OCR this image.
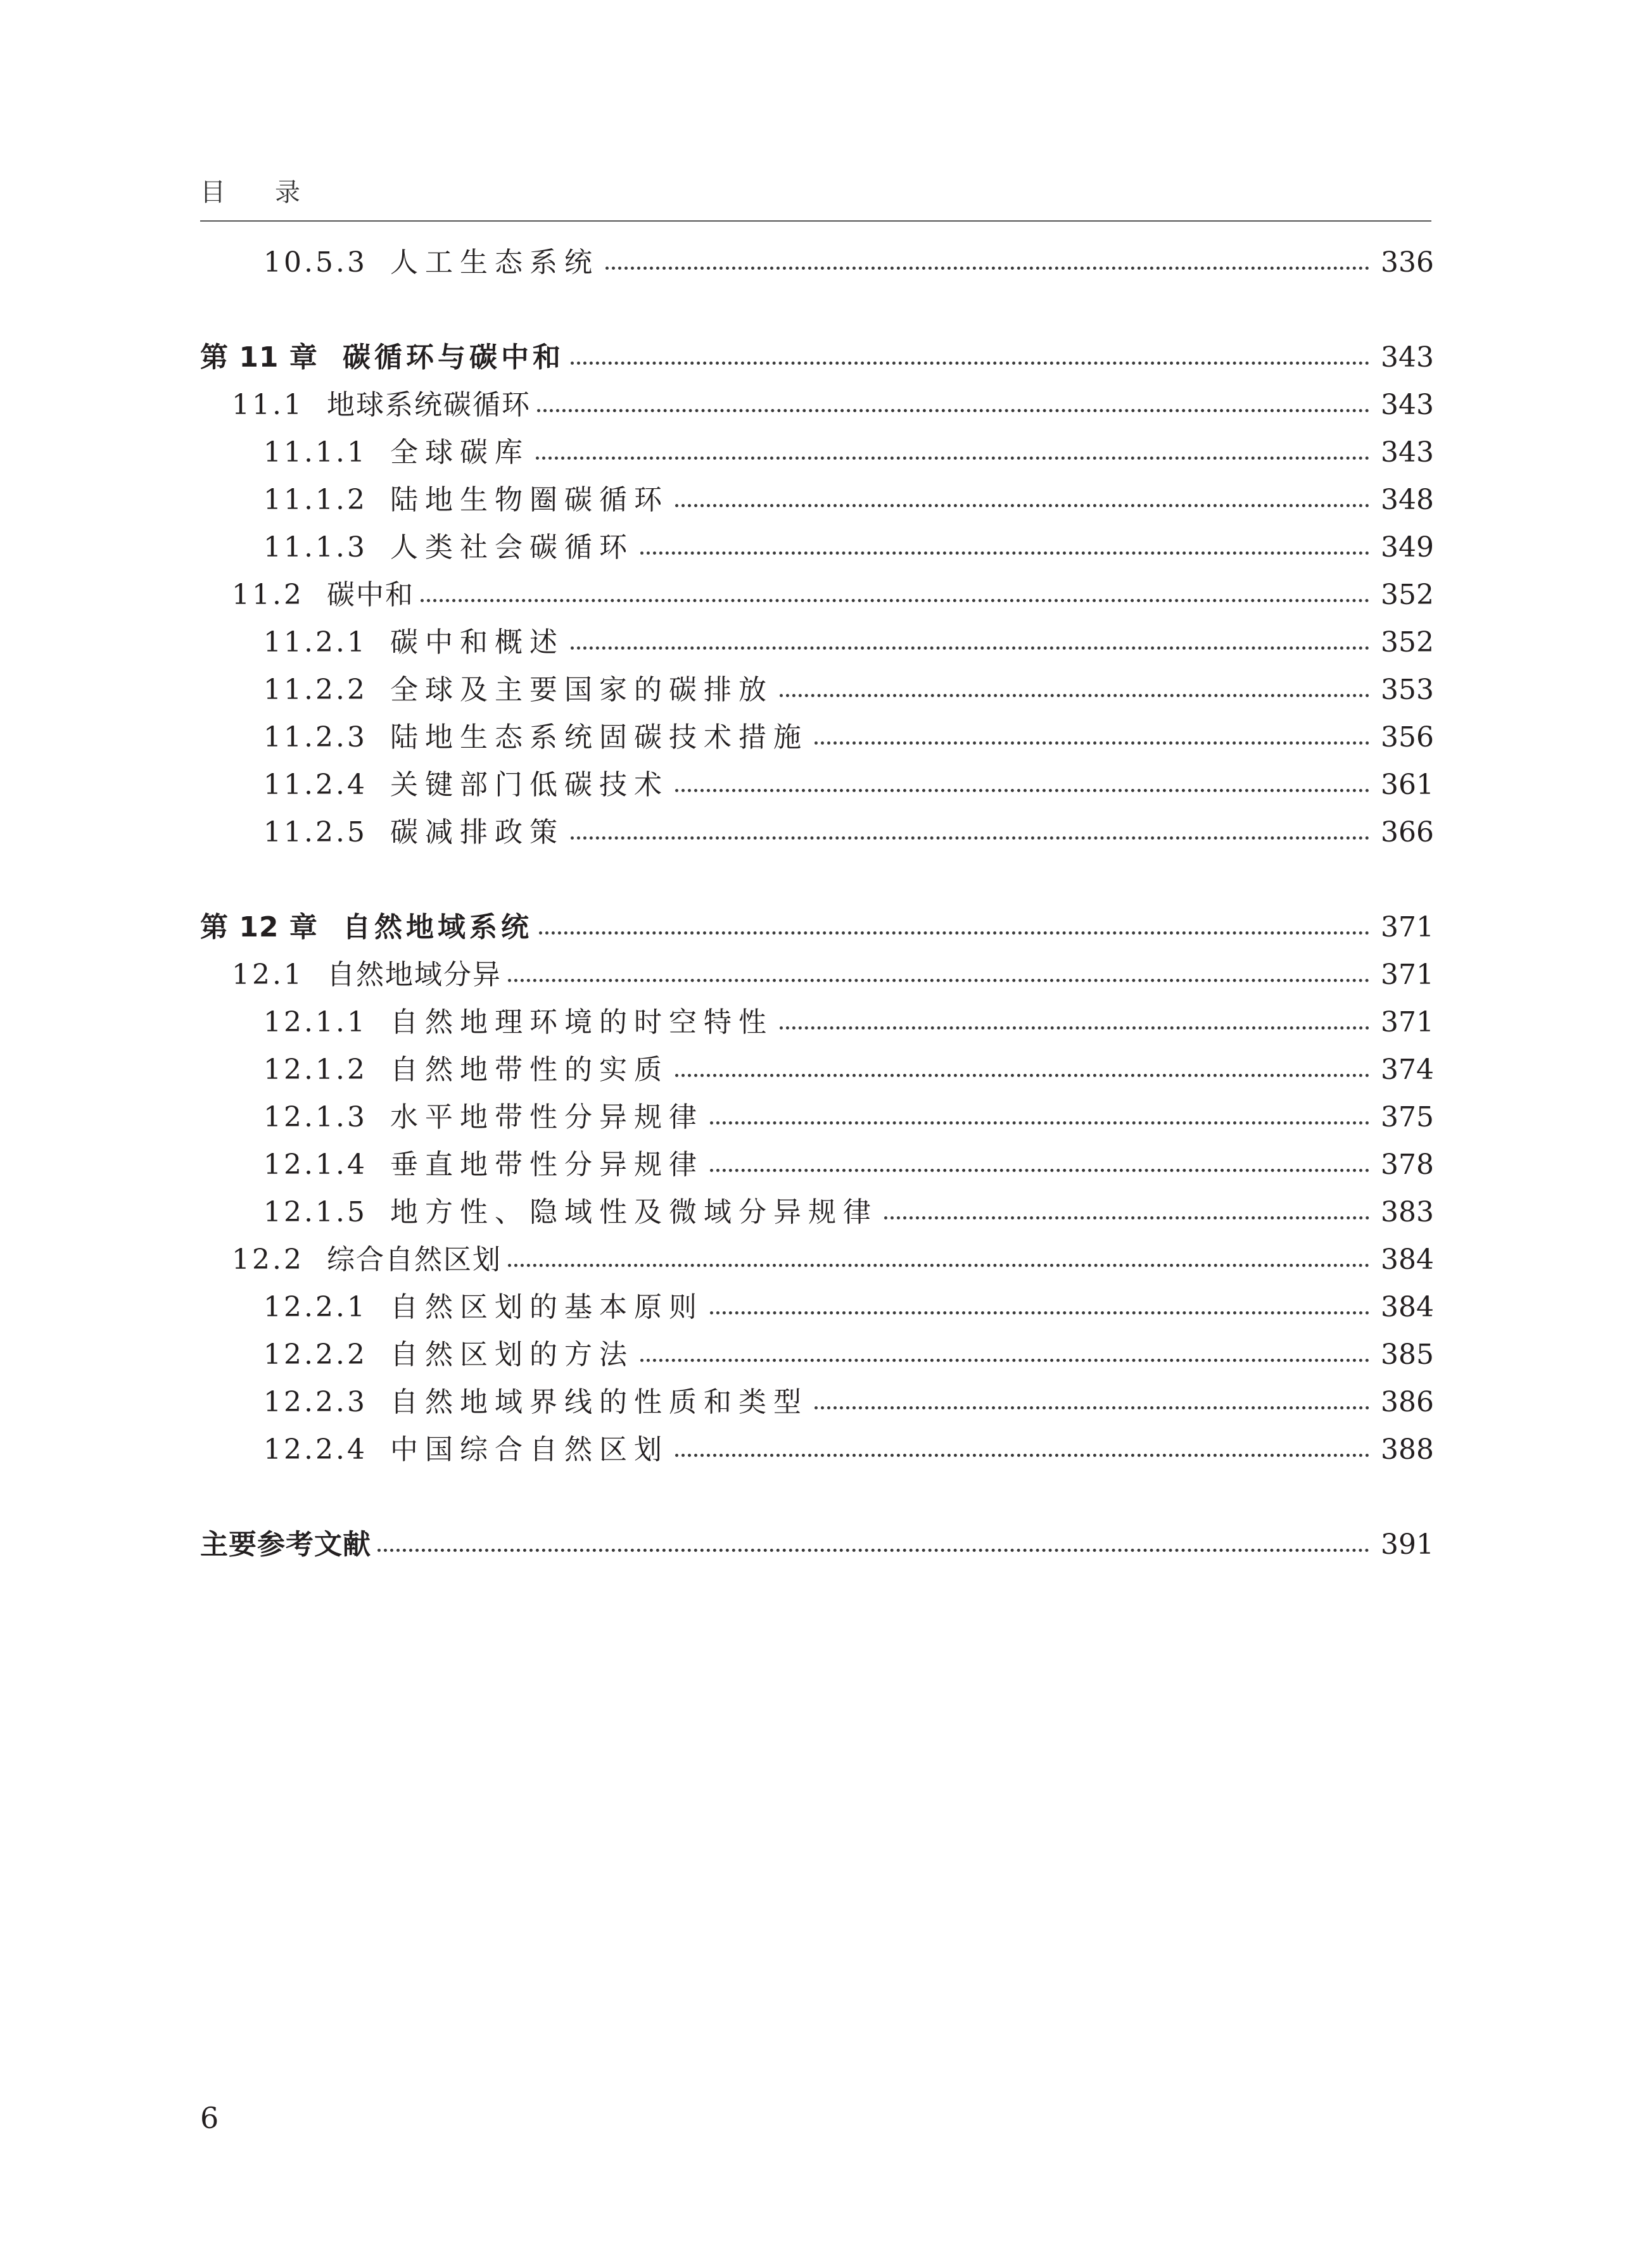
目录
10.5.3 人工生态系统	336
第 11 章 碳循环与碳中和	343
11.1 地球系统碳循环	343
11.1.1 全球碳库	343
11.1.2 陆地生物圈碳循环	348
11.1.3 人类社会碳循环	349
11.2 碳中和	352
11.2.1 碳中和概述	352
11.2.2 全球及主要国家的碳排放	353
11.2.3 陆地生态系统固碳技术措施	356
11.2.4 关键部门低碳技术	361
11.2.5 碳减排政策	366
第 12 章 自然地域系统	371
12.1 自然地域分异	371
12.1.1 自然地理环境的时空特性	371
12.1.2 自然地带性的实质	374
12.1.3 水平地带性分异规律	375
12.1.4 垂直地带性分异规律	378
12.1.5 地方性、隐域性及微域分异规律	383
12.2 综合自然区划	384
12.2.1 自然区划的基本原则	384
12.2.2 自然区划的方法	385
12.2.3 自然地域界线的性质和类型	386
12.2.4 中国综合自然区划	388
主要参考文献	391
6
